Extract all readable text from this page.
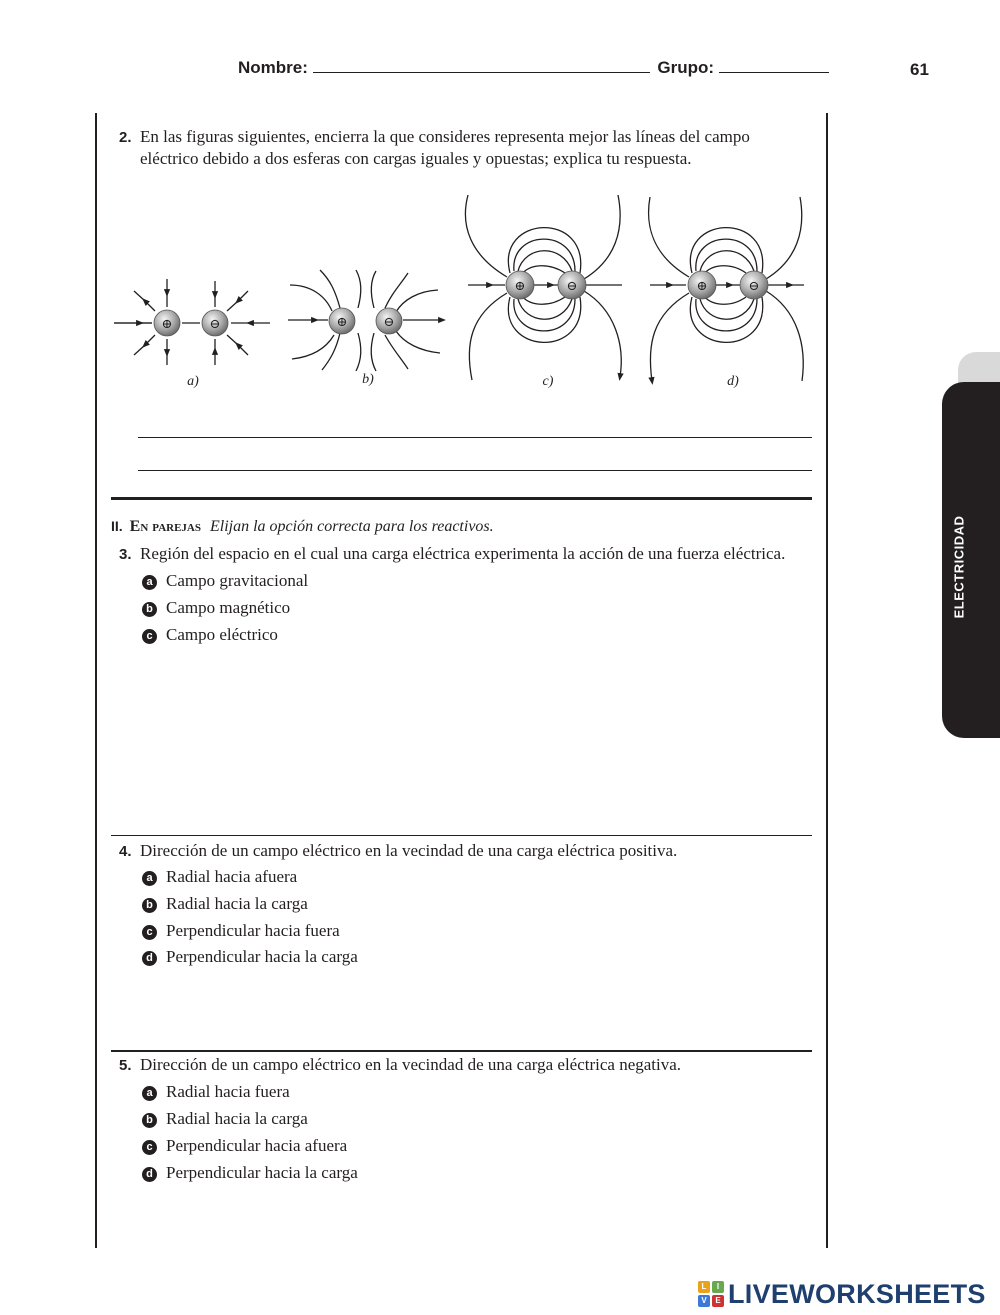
Nombre:	Grupo:	61
2. En las figuras siguientes, encierra la que consideres representa mejor las líneas del campo
eléctrico debido a dos esferas con cargas iguales y opuestas; explica tu respuesta.
⊕	⊖
a)
⊕	⊖
b)
⊕	⊖
c)
⊕	⊖
d)
II. En parejas Elijan la opción correcta para los reactivos.
3. Región del espacio en el cual una carga eléctrica experimenta la acción de una fuerza eléctrica.
a Campo gravitacional
b Campo magnético
c Campo eléctrico
4. Dirección de un campo eléctrico en la vecindad de una carga eléctrica positiva.
a Radial hacia afuera
b Radial hacia la carga
c Perpendicular hacia fuera
d Perpendicular hacia la carga
5. Dirección de un campo eléctrico en la vecindad de una carga eléctrica negativa.
a Radial hacia fuera
b Radial hacia la carga
c Perpendicular hacia afuera
d Perpendicular hacia la carga
ELECTRICIDAD
L	I
V	E LIVEWORKSHEETS
